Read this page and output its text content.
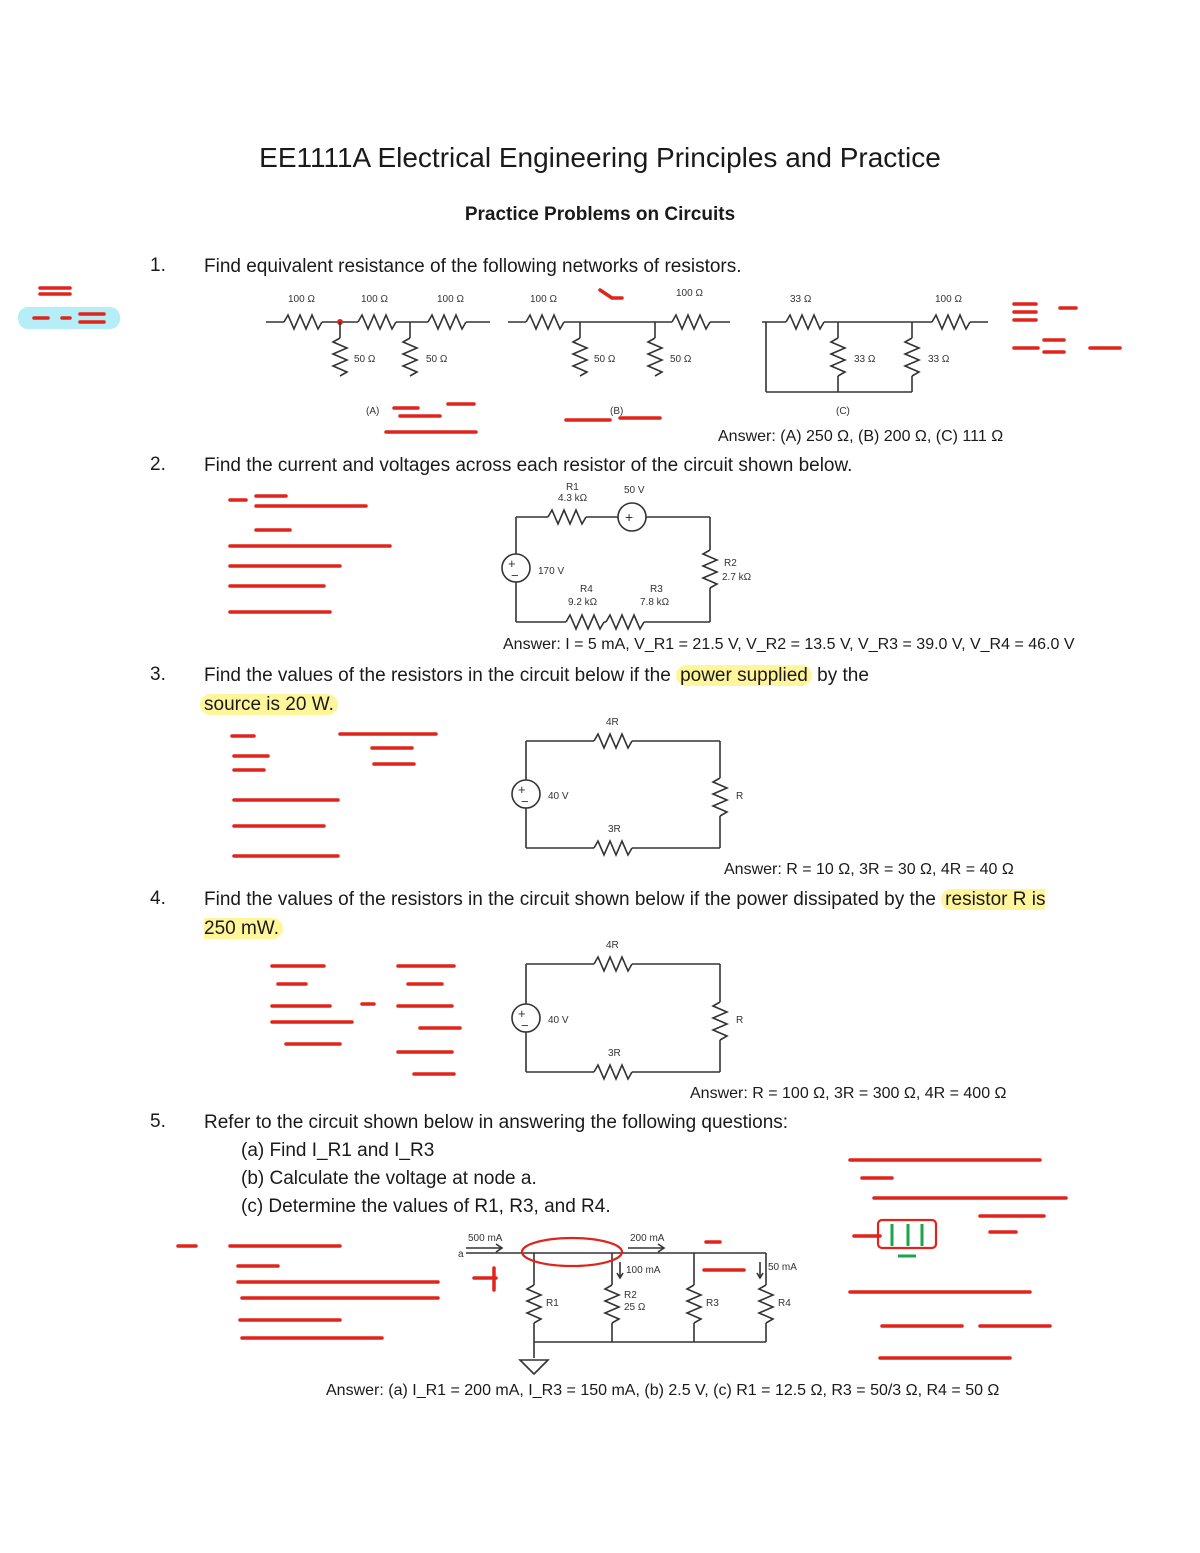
EE1111A Electrical Engineering Principles and Practice
Practice Problems on Circuits
1. Find equivalent resistance of the following networks of resistors.
Answer: (A) 250 Ω, (B) 200 Ω, (C) 111 Ω
2. Find the current and voltages across each resistor of the circuit shown below.
Answer: I = 5 mA, V_R1 = 21.5 V, V_R2 = 13.5 V, V_R3 = 39.0 V, V_R4 = 46.0 V
3. Find the values of the resistors in the circuit below if the power supplied by the
source is 20 W.
Answer: R = 10 Ω, 3R = 30 Ω, 4R = 40 Ω
4. Find the values of the resistors in the circuit shown below if the power dissipated by the resistor R is 250 mW.
Answer: R = 100 Ω, 3R = 300 Ω, 4R = 400 Ω
5. Refer to the circuit shown below in answering the following questions:
(a) Find I_R1 and I_R3
(b) Calculate the voltage at node a.
(c) Determine the values of R1, R3, and R4.
Answer: (a) I_R1 = 200 mA, I_R3 = 150 mA, (b) 2.5 V, (c) R1 = 12.5 Ω, R3 = 50/3 Ω, R4 = 50 Ω
100 Ω	100 Ω	100 Ω
50 Ω	50 Ω
(A)
100 Ω
100 Ω
50 Ω	50 Ω
(B)
33 Ω	100 Ω
33 Ω	33 Ω
(C)
+
+
−
R1
4.3 kΩ
50 V
170 V
R2
2.7 kΩ
R3
7.8 kΩ
R4
9.2 kΩ
+
−
4R
3R
R
40 V
+
−
4R
3R
R
40 V
500 mA	200 mA
100 mA	50 mA
a
R1
R2
25 Ω	R3	R4
